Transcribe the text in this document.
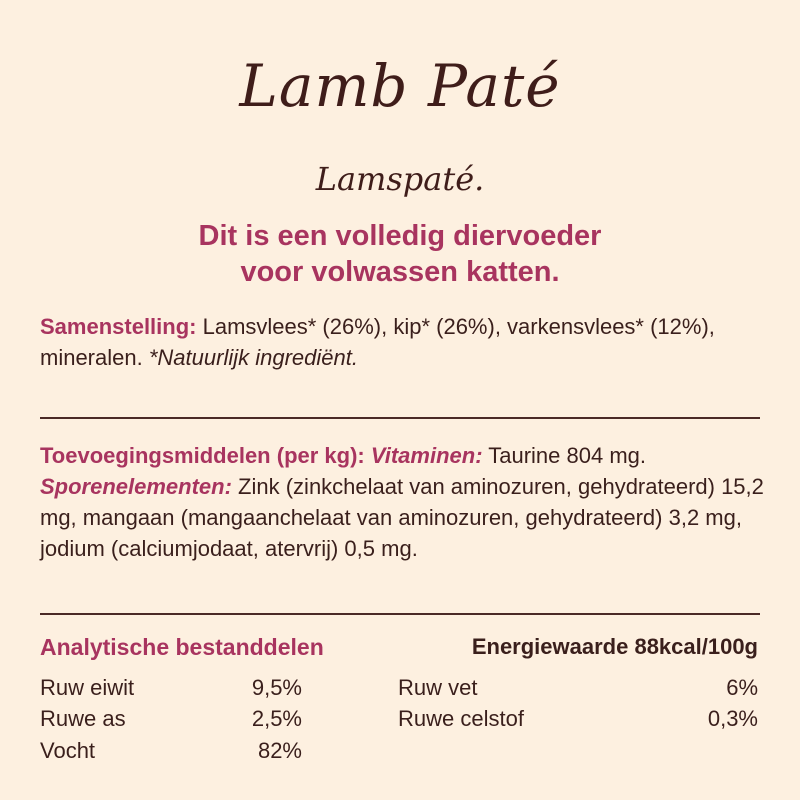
Lamb Paté
Lamspaté.
Dit is een volledig diervoeder
voor volwassen katten.
Samenstelling: Lamsvlees* (26%), kip* (26%), varkensvlees* (12%), mineralen. *Natuurlijk ingrediënt.
Toevoegingsmiddelen (per kg): Vitaminen: Taurine 804 mg. Sporenelementen: Zink (zinkchelaat van aminozuren, gehydrateerd) 15,2 mg, mangaan (mangaanchelaat van aminozuren, gehydrateerd) 3,2 mg, jodium (calciumjodaat, atervrij) 0,5 mg.
Analytische bestanddelen	Energiewaarde 88kcal/100g
Ruw eiwit	9,5%
Ruwe as	2,5%
Vocht	82%
Ruw vet	6%
Ruwe celstof	0,3%
